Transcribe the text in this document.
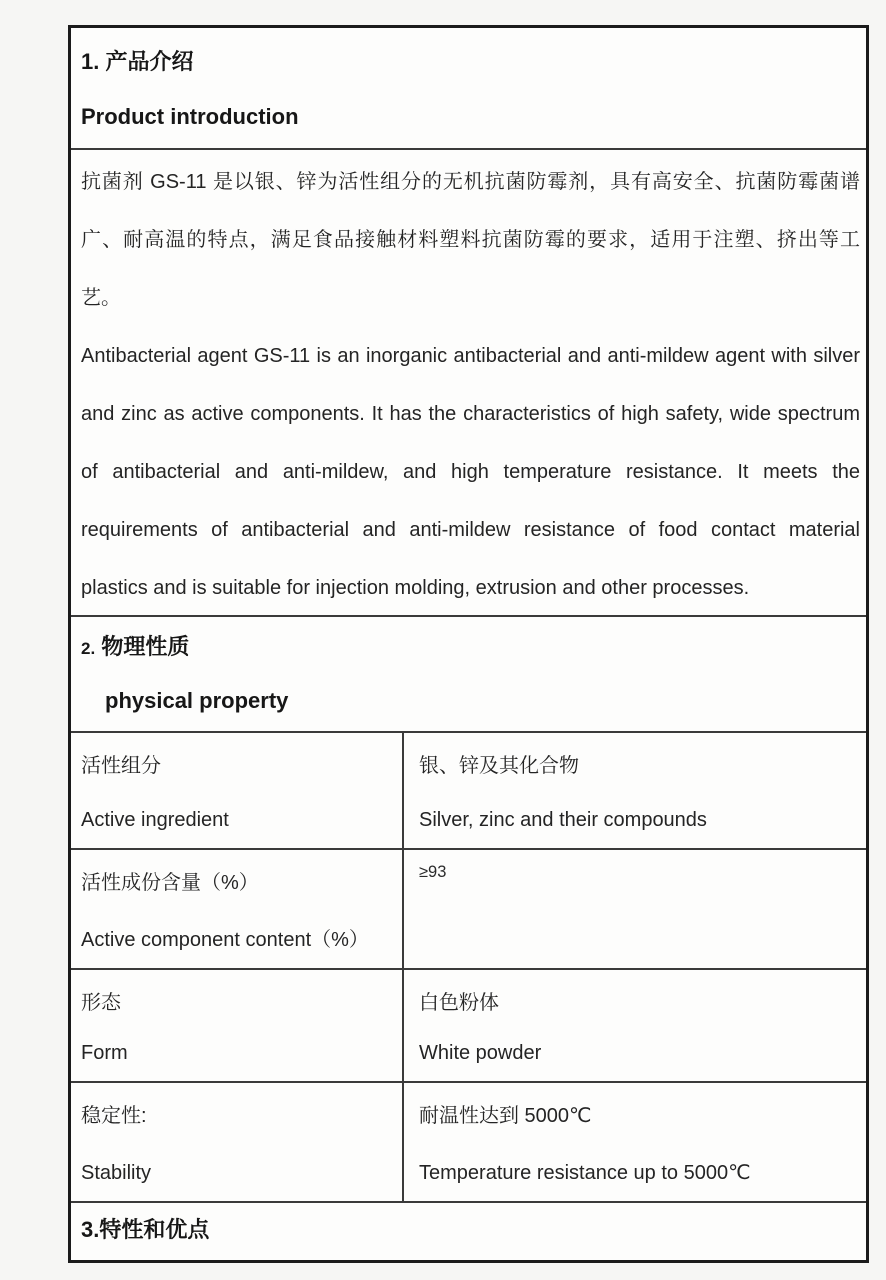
1. 产品介绍
Product introduction

抗菌剂 GS-11 是以银、锌为活性组分的无机抗菌防霉剂，具有高安全、抗菌防霉菌谱广、耐高温的特点，满足食品接触材料塑料抗菌防霉的要求，适用于注塑、挤出等工艺。

Antibacterial agent GS-11 is an inorganic antibacterial and anti-mildew agent with silver and zinc as active components. It has the characteristics of high safety, wide spectrum of antibacterial and anti-mildew, and high temperature resistance. It meets the requirements of antibacterial and anti-mildew resistance of food contact material plastics and is suitable for injection molding, extrusion and other processes.

2. 物理性质
physical property
活性组分
Active ingredient
银、锌及其化合物
Silver, zinc and their compounds
活性成份含量（%）
Active component content（%）
≥93
形态
Form
白色粉体
White powder
稳定性:
Stability
耐温性达到 5000℃
Temperature resistance up to 5000℃
3.特性和优点
